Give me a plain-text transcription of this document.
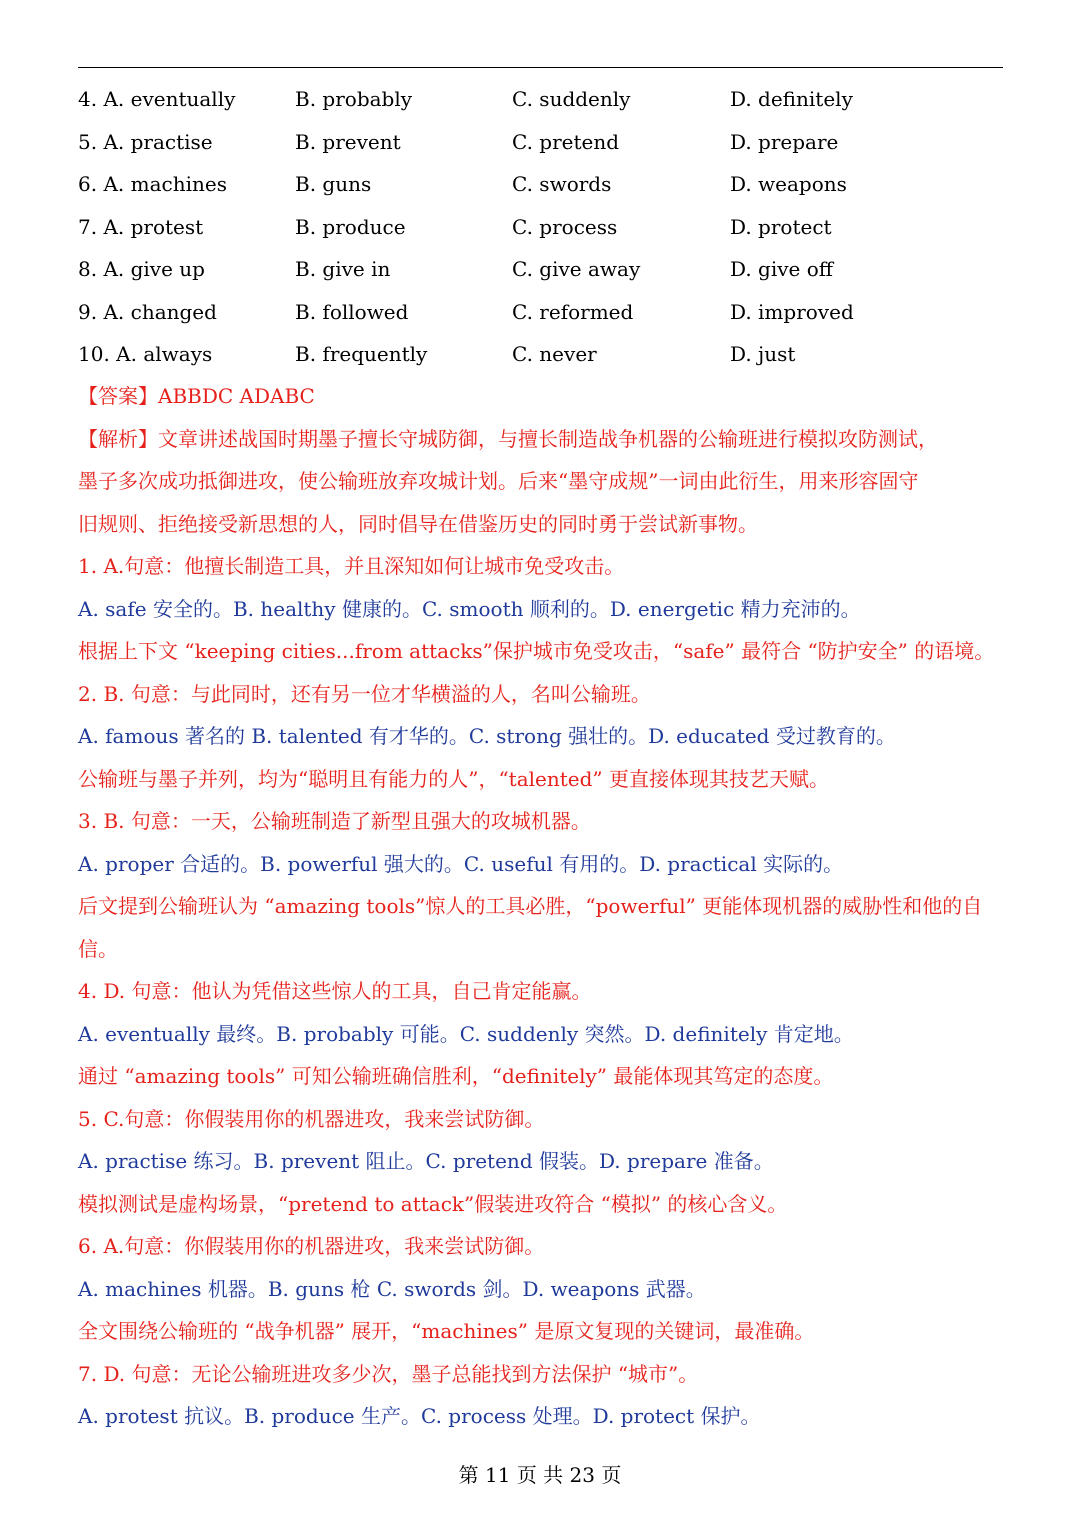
4. A. eventually	B. probably	C. suddenly	D. definitely
5. A. practise	B. prevent	C. pretend	D. prepare
6. A. machines	B. guns	C. swords	D. weapons
7. A. protest	B. produce	C. process	D. protect
8. A. give up	B. give in	C. give away	D. give off
9. A. changed	B. followed	C. reformed	D. improved
10. A. always	B. frequently	C. never	D. just
【答案】ABBDC ADABC
【解析】文章讲述战国时期墨子擅长守城防御，与擅长制造战争机器的公输班进行模拟攻防测试，
墨子多次成功抵御进攻，使公输班放弃攻城计划。后来“墨守成规”一词由此衍生，用来形容固守
旧规则、拒绝接受新思想的人，同时倡导在借鉴历史的同时勇于尝试新事物。
1. A.句意：他擅长制造工具，并且深知如何让城市免受攻击。
A. safe 安全的。B. healthy 健康的。C. smooth 顺利的。D. energetic 精力充沛的。
根据上下文 “keeping cities...from attacks”保护城市免受攻击，“safe” 最符合 “防护安全” 的语境。
2. B. 句意：与此同时，还有另一位才华横溢的人，名叫公输班。
A. famous 著名的 B. talented 有才华的。C. strong 强壮的。D. educated 受过教育的。
公输班与墨子并列，均为“聪明且有能力的人”，“talented” 更直接体现其技艺天赋。
3. B. 句意：一天，公输班制造了新型且强大的攻城机器。
A. proper 合适的。B. powerful 强大的。C. useful 有用的。D. practical 实际的。
后文提到公输班认为 “amazing tools”惊人的工具必胜，“powerful” 更能体现机器的威胁性和他的自
信。
4. D. 句意：他认为凭借这些惊人的工具，自己肯定能赢。
A. eventually 最终。B. probably 可能。C. suddenly 突然。D. definitely 肯定地。
通过 “amazing tools” 可知公输班确信胜利，“definitely” 最能体现其笃定的态度。
5. C.句意：你假装用你的机器进攻，我来尝试防御。
A. practise 练习。B. prevent 阻止。C. pretend 假装。D. prepare 准备。
模拟测试是虚构场景，“pretend to attack”假装进攻符合 “模拟” 的核心含义。
6. A.句意：你假装用你的机器进攻，我来尝试防御。
A. machines 机器。B. guns 枪 C. swords 剑。D. weapons 武器。
全文围绕公输班的 “战争机器” 展开，“machines” 是原文复现的关键词，最准确。
7. D. 句意：无论公输班进攻多少次，墨子总能找到方法保护 “城市”。
A. protest 抗议。B. produce 生产。C. process 处理。D. protect 保护。
第 11 页 共 23 页
